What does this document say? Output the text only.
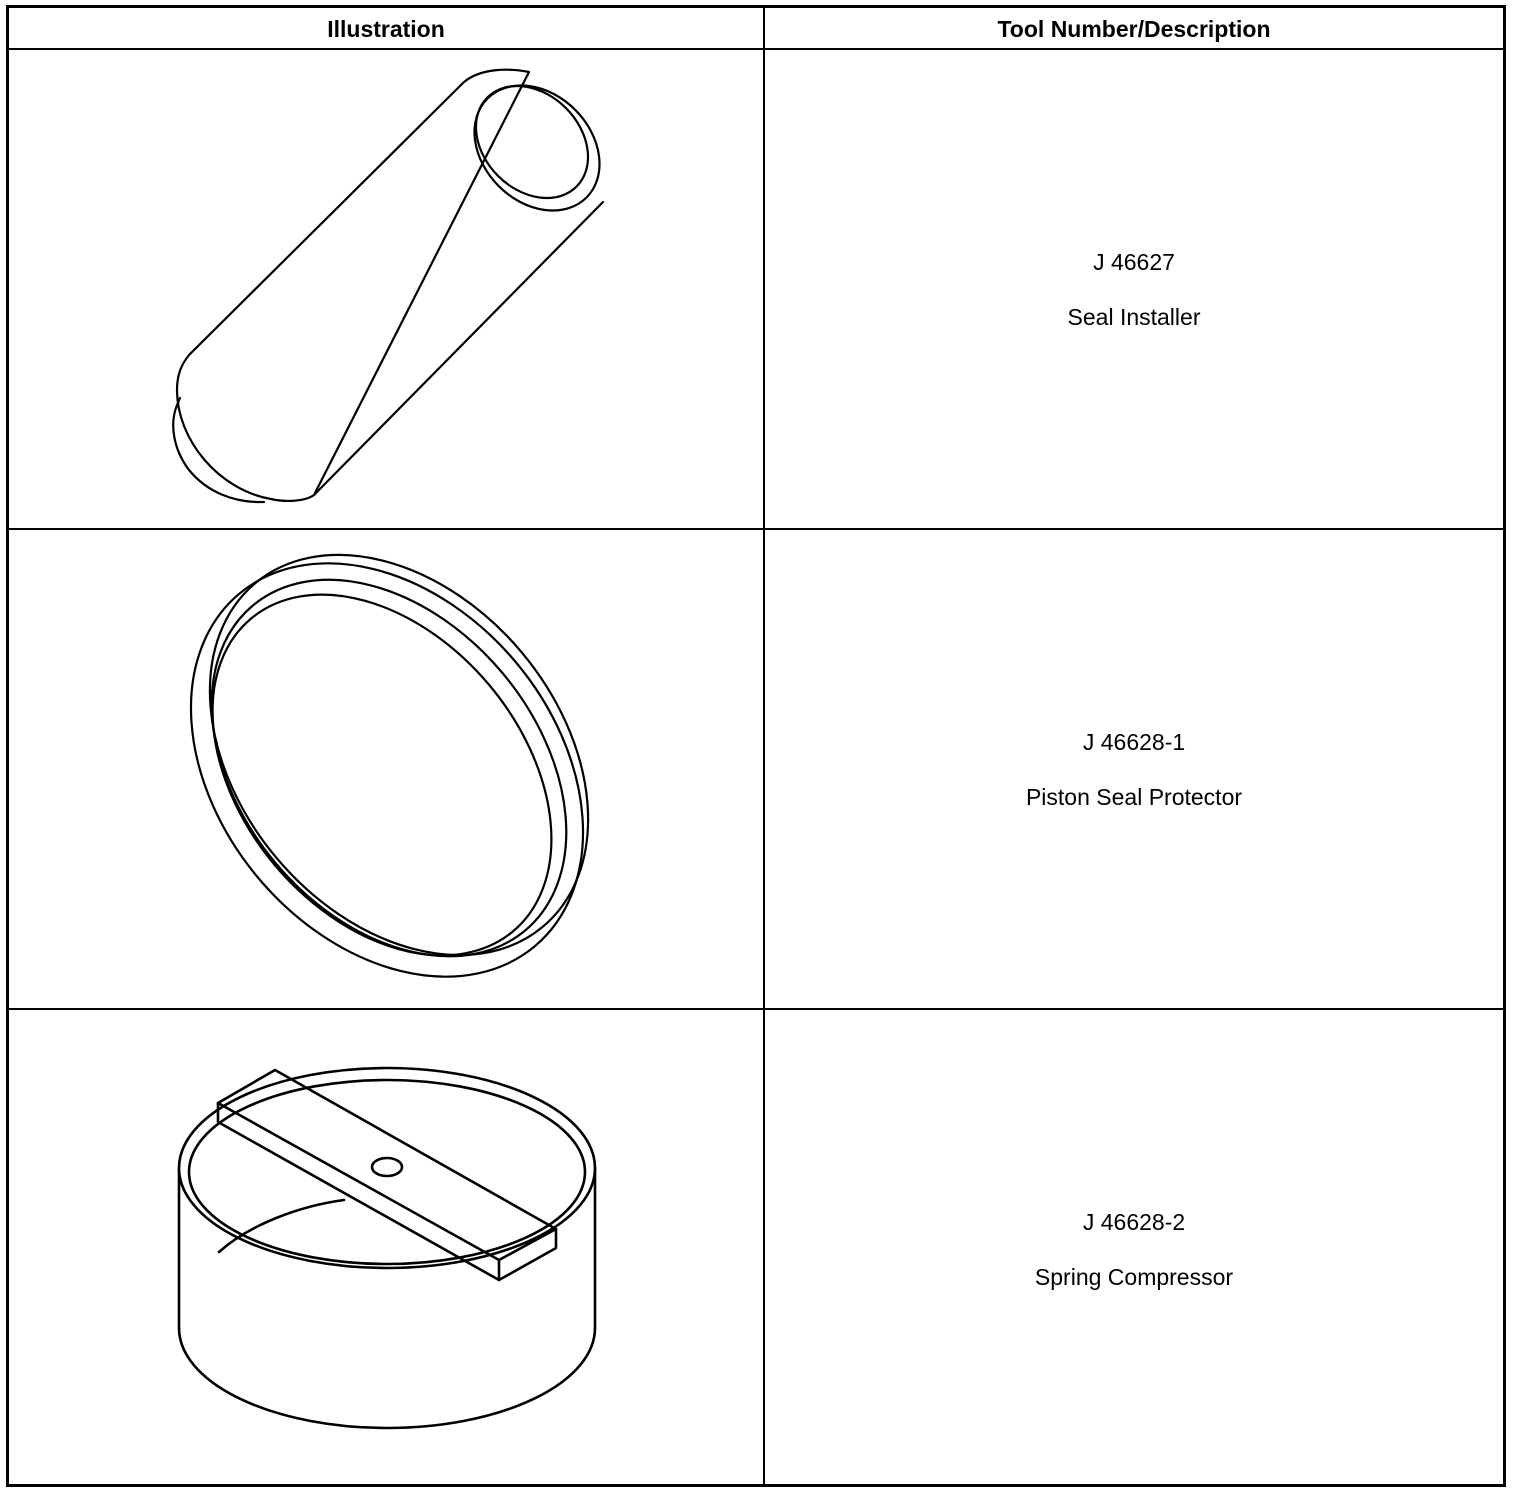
Illustration	Tool Number/Description
J 46627
Seal Installer
J 46628-1
Piston Seal Protector
J 46628-2
Spring Compressor
